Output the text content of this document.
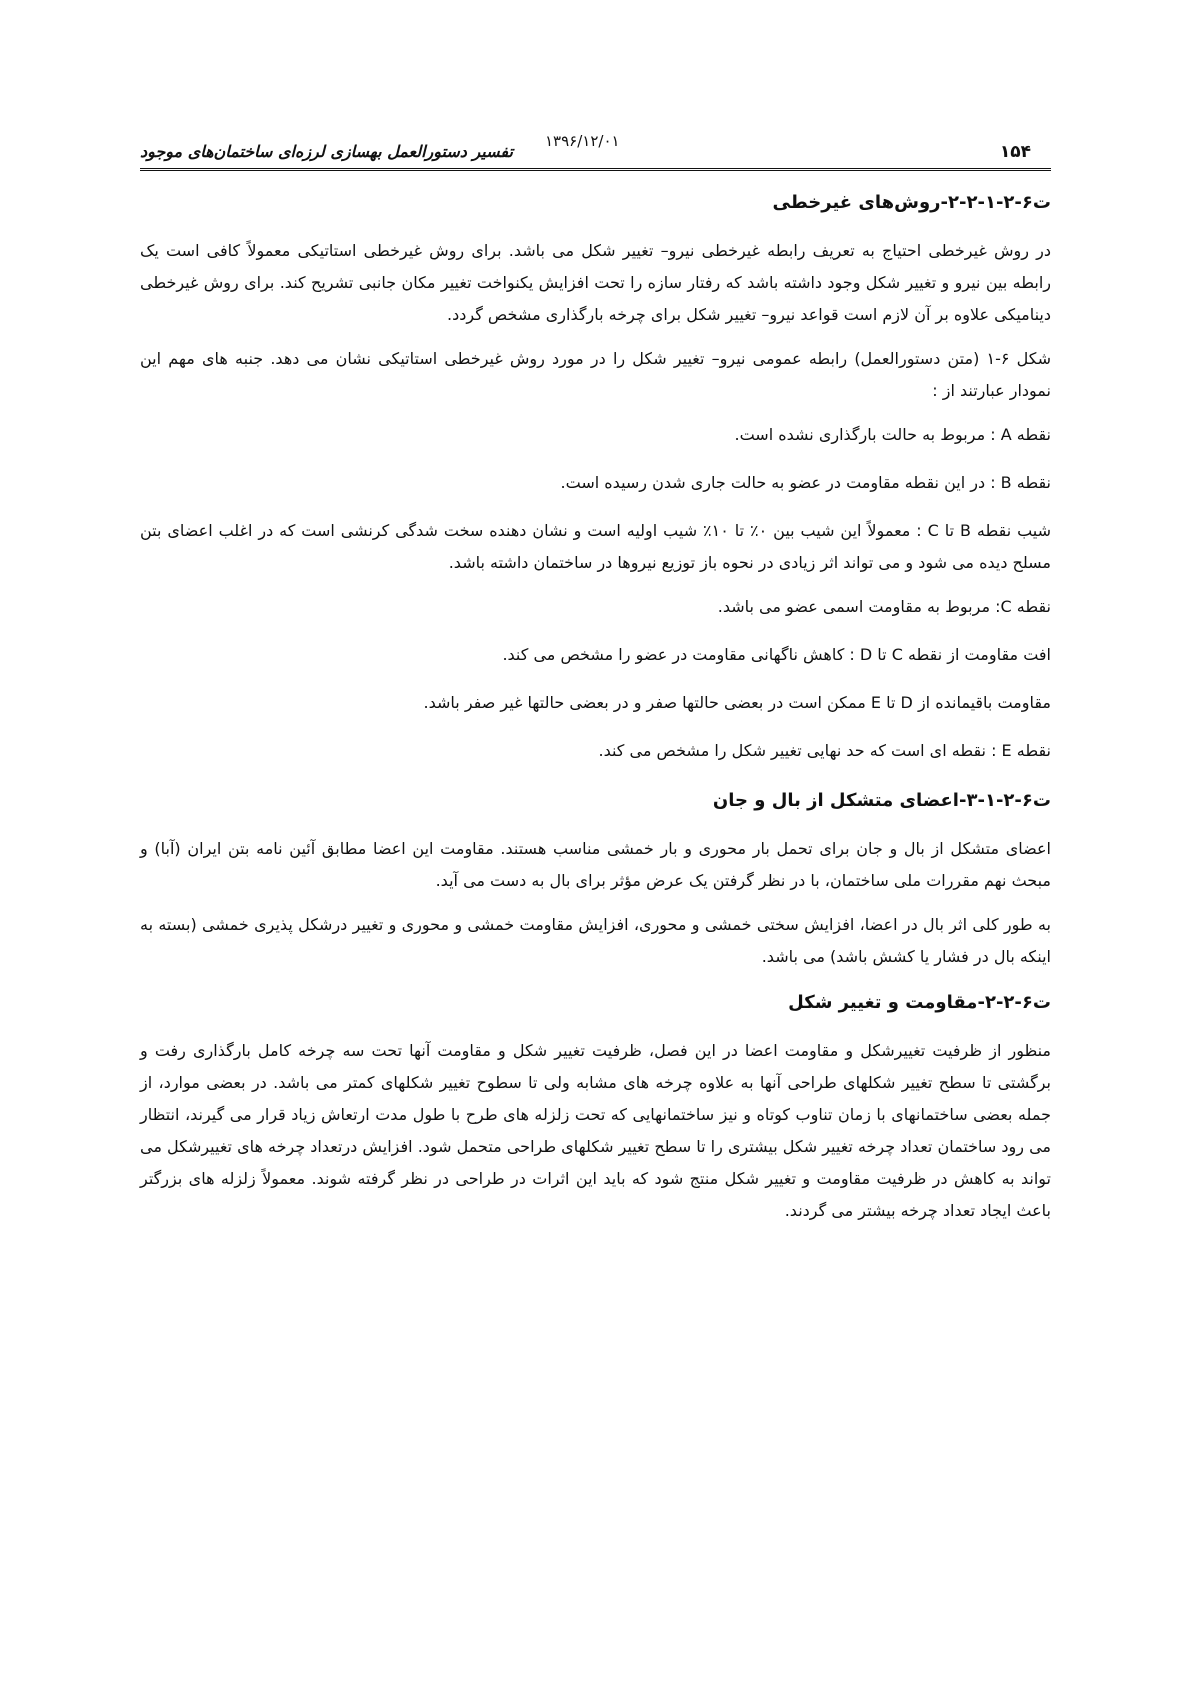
۱۵۴
۱۳۹۶/۱۲/۰۱
تفسیر دستورالعمل بهسازی لرزه‌ای ساختمان‌های موجود
ت۶-۲-۱-۲-۲-روش‌های غیرخطی

در روش غیرخطی احتیاج به تعریف رابطه غیرخطی نیرو– تغییر شکل می باشد. برای روش غیرخطی استاتیکی معمولاً کافی است یک رابطه بین نیرو و تغییر شکل وجود داشته باشد که رفتار سازه را تحت افزایش یکنواخت تغییر مکان جانبی تشریح کند. برای روش غیرخطی دینامیکی علاوه بر آن لازم است قواعد نیرو– تغییر شکل برای چرخه بارگذاری مشخص گردد.

شکل ۶-۱ (متن دستورالعمل) رابطه عمومی نیرو– تغییر شکل را در مورد روش غیرخطی استاتیکی نشان می دهد. جنبه های مهم این نمودار عبارتند از :

نقطه A : مربوط به حالت بارگذاری نشده است.

نقطه B : در این نقطه مقاومت در عضو به حالت جاری شدن رسیده است.

شیب نقطه B تا C : معمولاً این شیب بین ۰٪ تا ۱۰٪ شیب اولیه است و نشان دهنده سخت شدگی کرنشی است که در اغلب اعضای بتن مسلح دیده می شود و می تواند اثر زیادی در نحوه باز توزیع نیروها در ساختمان داشته باشد.

نقطه C: مربوط به مقاومت اسمی عضو می باشد.

افت مقاومت از نقطه C تا D : کاهش ناگهانی مقاومت در عضو را مشخص می کند.

مقاومت باقیمانده از D تا E ممکن است در بعضی حالتها صفر و در بعضی حالتها غیر صفر باشد.

نقطه E : نقطه ای است که حد نهایی تغییر شکل را مشخص می کند.

ت۶-۲-۱-۳-اعضای متشکل از بال و جان

اعضای متشکل از بال و جان برای تحمل بار محوری و بار خمشی مناسب هستند. مقاومت این اعضا مطابق آئین نامه بتن ایران (آبا) و مبحث نهم مقررات ملی ساختمان، با در نظر گرفتن یک عرض مؤثر برای بال به دست می آید.

به طور کلی اثر بال در اعضا، افزایش سختی خمشی و محوری، افزایش مقاومت خمشی و محوری و تغییر درشکل پذیری خمشی (بسته به اینکه بال در فشار یا کشش باشد) می باشد.

ت۶-۲-۲-مقاومت و تغییر شکل

منظور از ظرفیت تغییرشکل و مقاومت اعضا در این فصل، ظرفیت تغییر شکل و مقاومت آنها تحت سه چرخه کامل بارگذاری رفت و برگشتی تا سطح تغییر شکلهای طراحی آنها به علاوه چرخه های مشابه ولی تا سطوح تغییر شکلهای کمتر می باشد. در بعضی موارد، از جمله بعضی ساختمانهای با زمان تناوب کوتاه و نیز ساختمانهایی که تحت زلزله های طرح با طول مدت ارتعاش زیاد قرار می گیرند، انتظار می رود ساختمان تعداد چرخه تغییر شکل بیشتری را تا سطح تغییر شکلهای طراحی متحمل شود. افزایش درتعداد چرخه های تغییرشکل می تواند به کاهش در ظرفیت مقاومت و تغییر شکل منتج شود که باید این اثرات در طراحی در نظر گرفته شوند. معمولاً زلزله های بزرگتر باعث ایجاد تعداد چرخه بیشتر می گردند.
